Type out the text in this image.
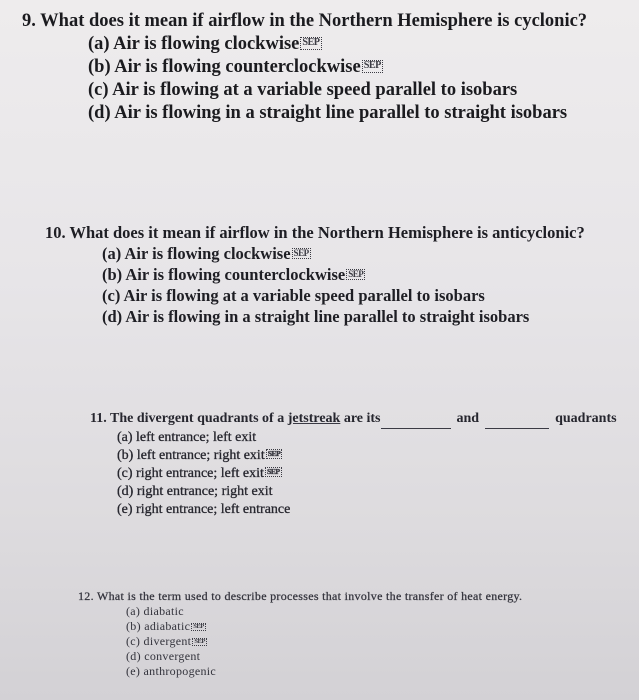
9. What does it mean if airflow in the Northern Hemisphere is cyclonic?
(a) Air is flowing clockwise SEP
(b) Air is flowing counterclockwise SEP
(c) Air is flowing at a variable speed parallel to isobars
(d) Air is flowing in a straight line parallel to straight isobars
10. What does it mean if airflow in the Northern Hemisphere is anticyclonic?
(a) Air is flowing clockwise SEP
(b) Air is flowing counterclockwise SEP
(c) Air is flowing at a variable speed parallel to isobars
(d) Air is flowing in a straight line parallel to straight isobars
11. The divergent quadrants of a jetstreak are its	and	quadrants
(a) left entrance; left exit
(b) left entrance; right exit SEP
(c) right entrance; left exit SEP
(d) right entrance; right exit
(e) right entrance; left entrance
12. What is the term used to describe processes that involve the transfer of heat energy.
(a) diabatic
(b) adiabatic SEP
(c) divergent SEP
(d) convergent
(e) anthropogenic
